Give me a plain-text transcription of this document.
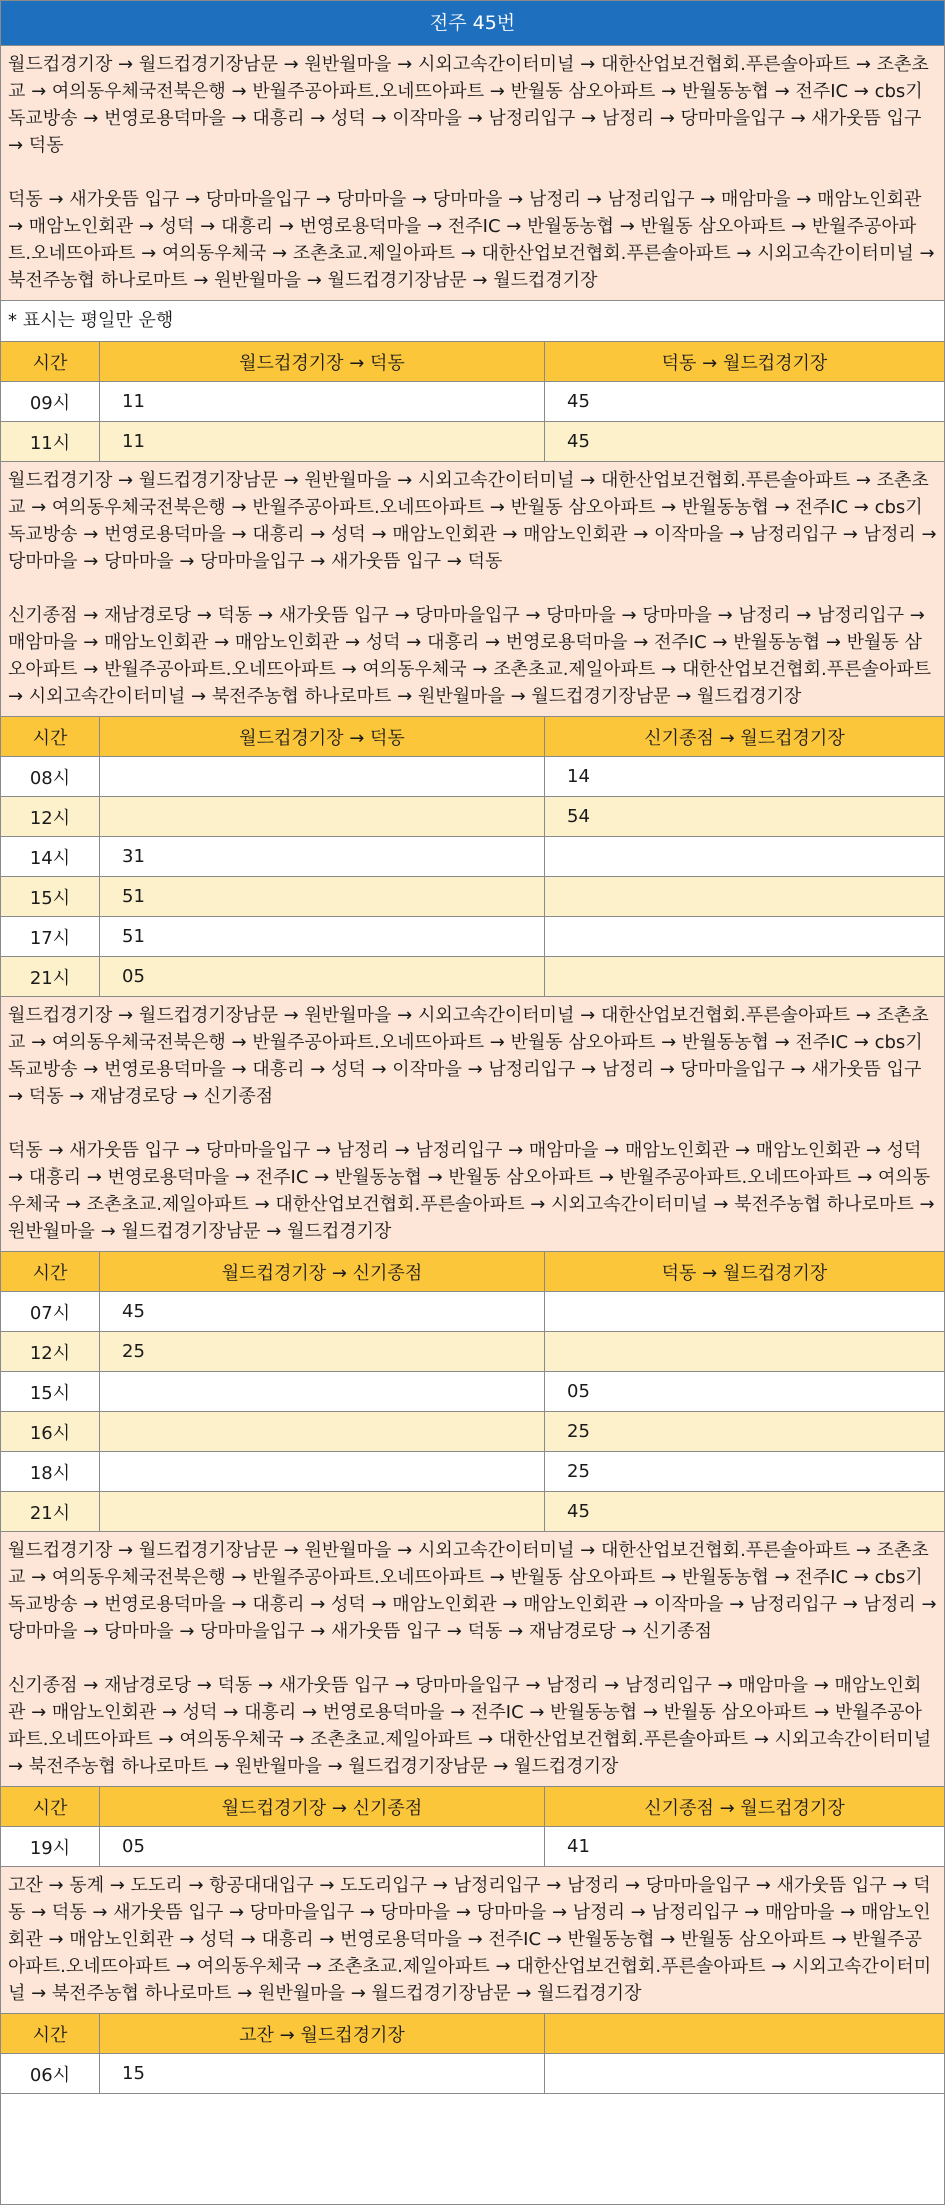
전주 45번
월드컵경기장 → 월드컵경기장남문 → 원반월마을 → 시외고속간이터미널 → 대한산업보건협회.푸른솔아파트 → 조촌초교 → 여의동우체국전북은행 → 반월주공아파트.오네뜨아파트 → 반월동 삼오아파트 → 반월동농협 → 전주IC → cbs기독교방송 → 번영로용덕마을 → 대흥리 → 성덕 → 이작마을 → 남정리입구 → 남정리 → 당마마을입구 → 새가웃뜸 입구 → 덕동
덕동 → 새가웃뜸 입구 → 당마마을입구 → 당마마을 → 당마마을 → 남정리 → 남정리입구 → 매암마을 → 매암노인회관 → 매암노인회관 → 성덕 → 대흥리 → 번영로용덕마을 → 전주IC → 반월동농협 → 반월동 삼오아파트 → 반월주공아파트.오네뜨아파트 → 여의동우체국 → 조촌초교.제일아파트 → 대한산업보건협회.푸른솔아파트 → 시외고속간이터미널 → 북전주농협 하나로마트 → 원반월마을 → 월드컵경기장남문 → 월드컵경기장
* 표시는 평일만 운행
시간	월드컵경기장 → 덕동	덕동 → 월드컵경기장
09시	11	45
11시	11	45
월드컵경기장 → 월드컵경기장남문 → 원반월마을 → 시외고속간이터미널 → 대한산업보건협회.푸른솔아파트 → 조촌초교 → 여의동우체국전북은행 → 반월주공아파트.오네뜨아파트 → 반월동 삼오아파트 → 반월동농협 → 전주IC → cbs기독교방송 → 번영로용덕마을 → 대흥리 → 성덕 → 매암노인회관 → 매암노인회관 → 이작마을 → 남정리입구 → 남정리 → 당마마을 → 당마마을 → 당마마을입구 → 새가웃뜸 입구 → 덕동
신기종점 → 재남경로당 → 덕동 → 새가웃뜸 입구 → 당마마을입구 → 당마마을 → 당마마을 → 남정리 → 남정리입구 → 매암마을 → 매암노인회관 → 매암노인회관 → 성덕 → 대흥리 → 번영로용덕마을 → 전주IC → 반월동농협 → 반월동 삼오아파트 → 반월주공아파트.오네뜨아파트 → 여의동우체국 → 조촌초교.제일아파트 → 대한산업보건협회.푸른솔아파트 → 시외고속간이터미널 → 북전주농협 하나로마트 → 원반월마을 → 월드컵경기장남문 → 월드컵경기장
시간	월드컵경기장 → 덕동	신기종점 → 월드컵경기장
08시		14
12시		54
14시	31	
15시	51	
17시	51	
21시	05	
월드컵경기장 → 월드컵경기장남문 → 원반월마을 → 시외고속간이터미널 → 대한산업보건협회.푸른솔아파트 → 조촌초교 → 여의동우체국전북은행 → 반월주공아파트.오네뜨아파트 → 반월동 삼오아파트 → 반월동농협 → 전주IC → cbs기독교방송 → 번영로용덕마을 → 대흥리 → 성덕 → 이작마을 → 남정리입구 → 남정리 → 당마마을입구 → 새가웃뜸 입구 → 덕동 → 재남경로당 → 신기종점
덕동 → 새가웃뜸 입구 → 당마마을입구 → 남정리 → 남정리입구 → 매암마을 → 매암노인회관 → 매암노인회관 → 성덕 → 대흥리 → 번영로용덕마을 → 전주IC → 반월동농협 → 반월동 삼오아파트 → 반월주공아파트.오네뜨아파트 → 여의동우체국 → 조촌초교.제일아파트 → 대한산업보건협회.푸른솔아파트 → 시외고속간이터미널 → 북전주농협 하나로마트 → 원반월마을 → 월드컵경기장남문 → 월드컵경기장
시간	월드컵경기장 → 신기종점	덕동 → 월드컵경기장
07시	45	
12시	25	
15시		05
16시		25
18시		25
21시		45
월드컵경기장 → 월드컵경기장남문 → 원반월마을 → 시외고속간이터미널 → 대한산업보건협회.푸른솔아파트 → 조촌초교 → 여의동우체국전북은행 → 반월주공아파트.오네뜨아파트 → 반월동 삼오아파트 → 반월동농협 → 전주IC → cbs기독교방송 → 번영로용덕마을 → 대흥리 → 성덕 → 매암노인회관 → 매암노인회관 → 이작마을 → 남정리입구 → 남정리 → 당마마을 → 당마마을 → 당마마을입구 → 새가웃뜸 입구 → 덕동 → 재남경로당 → 신기종점
신기종점 → 재남경로당 → 덕동 → 새가웃뜸 입구 → 당마마을입구 → 남정리 → 남정리입구 → 매암마을 → 매암노인회관 → 매암노인회관 → 성덕 → 대흥리 → 번영로용덕마을 → 전주IC → 반월동농협 → 반월동 삼오아파트 → 반월주공아파트.오네뜨아파트 → 여의동우체국 → 조촌초교.제일아파트 → 대한산업보건협회.푸른솔아파트 → 시외고속간이터미널 → 북전주농협 하나로마트 → 원반월마을 → 월드컵경기장남문 → 월드컵경기장
시간	월드컵경기장 → 신기종점	신기종점 → 월드컵경기장
19시	05	41
고잔 → 동계 → 도도리 → 항공대대입구 → 도도리입구 → 남정리입구 → 남정리 → 당마마을입구 → 새가웃뜸 입구 → 덕동 → 덕동 → 새가웃뜸 입구 → 당마마을입구 → 당마마을 → 당마마을 → 남정리 → 남정리입구 → 매암마을 → 매암노인회관 → 매암노인회관 → 성덕 → 대흥리 → 번영로용덕마을 → 전주IC → 반월동농협 → 반월동 삼오아파트 → 반월주공아파트.오네뜨아파트 → 여의동우체국 → 조촌초교.제일아파트 → 대한산업보건협회.푸른솔아파트 → 시외고속간이터미널 → 북전주농협 하나로마트 → 원반월마을 → 월드컵경기장남문 → 월드컵경기장
시간	고잔 → 월드컵경기장	
06시	15	
